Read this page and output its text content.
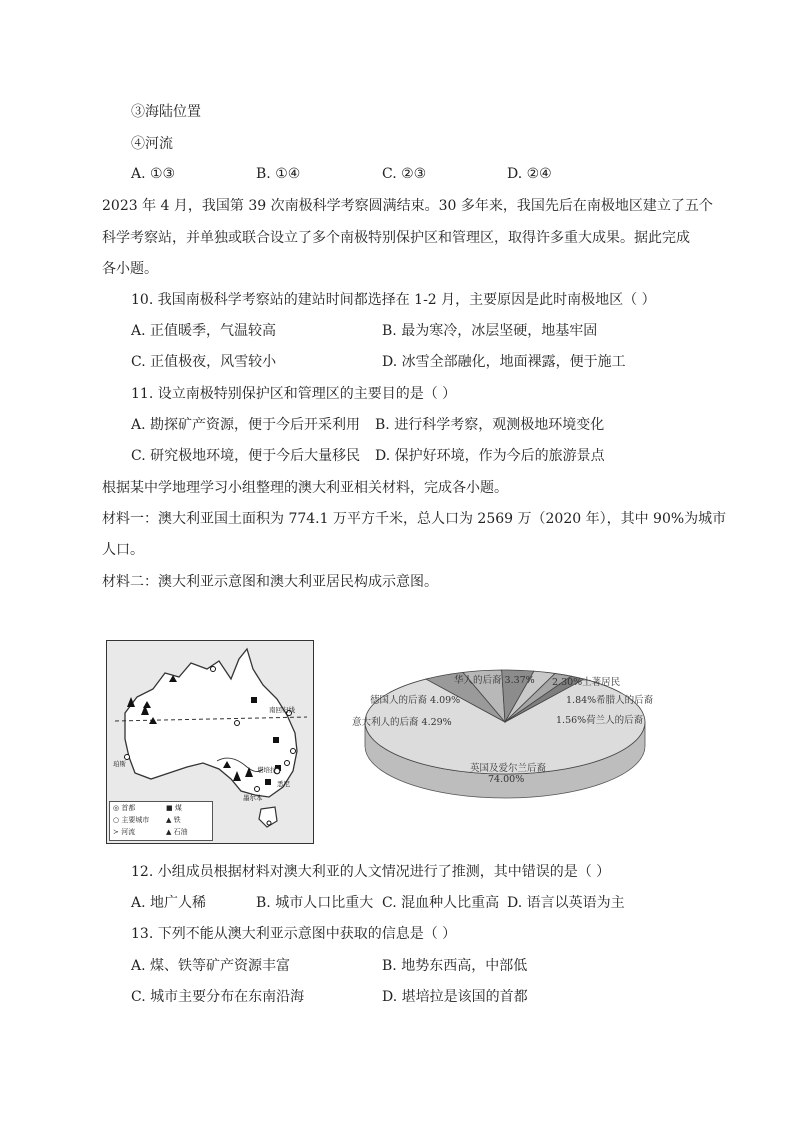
③海陆位置
④河流
A. ①③	B. ①④	C. ②③	D. ②④
2023 年 4 月，我国第 39 次南极科学考察圆满结束。30 多年来，我国先后在南极地区建立了五个
科学考察站，并单独或联合设立了多个南极特别保护区和管理区，取得许多重大成果。据此完成
各小题。
10. 我国南极科学考察站的建站时间都选择在 1-2 月，主要原因是此时南极地区（ ）
A. 正值暖季，气温较高	B. 最为寒冷，冰层坚硬，地基牢固
C. 正值极夜，风雪较小	D. 冰雪全部融化，地面裸露，便于施工
11. 设立南极特别保护区和管理区的主要目的是（ ）
A. 勘探矿产资源，便于今后开采利用 B. 进行科学考察，观测极地环境变化
C. 研究极地环境，便于今后大量移民 D. 保护好环境，作为今后的旅游景点
根据某中学地理学习小组整理的澳大利亚相关材料，完成各小题。
材料一：澳大利亚国土面积为 774.1 万平方千米，总人口为 2569 万（2020 年），其中 90%为城市
人口。
材料二：澳大利亚示意图和澳大利亚居民构成示意图。
南回归线
珀斯
堪培拉
悉尼
墨尔本
◎ 首都
○ 主要城市
≻ 河流
■ 煤
▲ 铁
▲ 石油
华人的后裔 3.37% 2.30%土著居民
德国人的后裔 4.09%	1.84%希腊人的后裔
意大利人的后裔 4.29%	1.56%荷兰人的后裔
英国及爱尔兰后裔
74.00%
12. 小组成员根据材料对澳大利亚的人文情况进行了推测，其中错误的是（ ）
A. 地广人稀	B. 城市人口比重大 C. 混血种人比重高 D. 语言以英语为主
13. 下列不能从澳大利亚示意图中获取的信息是（ ）
A. 煤、铁等矿产资源丰富	B. 地势东西高，中部低
C. 城市主要分布在东南沿海	D. 堪培拉是该国的首都
